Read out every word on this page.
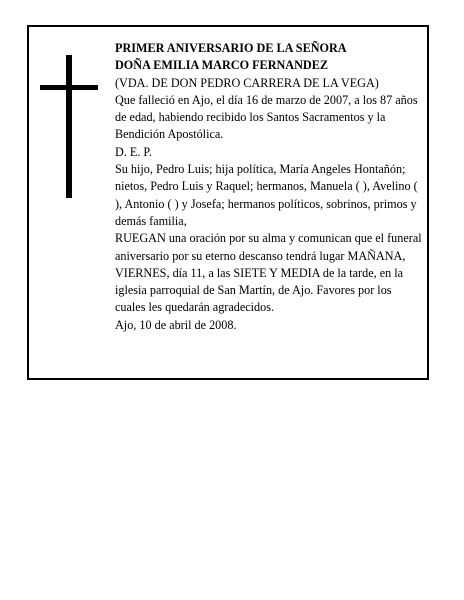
PRIMER ANIVERSARIO DE LA SEÑORA

DOÑA EMILIA MARCO FERNANDEZ

(VDA. DE DON PEDRO CARRERA DE LA VEGA)

Que falleció en Ajo, el día 16 de marzo de 2007, a los 87 años de edad, habiendo recibido los Santos Sacramentos y la Bendición Apostólica.

D. E. P.

Su hijo, Pedro Luis; hija política, María Angeles Hontañón; nietos, Pedro Luis y Raquel; hermanos, Manuela ( ), Avelino ( ), Antonio ( ) y Josefa; hermanos políticos, sobrinos, primos y demás familia,

RUEGAN una oración por su alma y comunican que el funeral aniversario por su eterno descanso tendrá lugar MAÑANA, VIERNES, día 11, a las SIETE Y MEDIA de la tarde, en la iglesia parroquial de San Martín, de Ajo. Favores por los cuales les quedarán agradecidos.

Ajo, 10 de abril de 2008.
